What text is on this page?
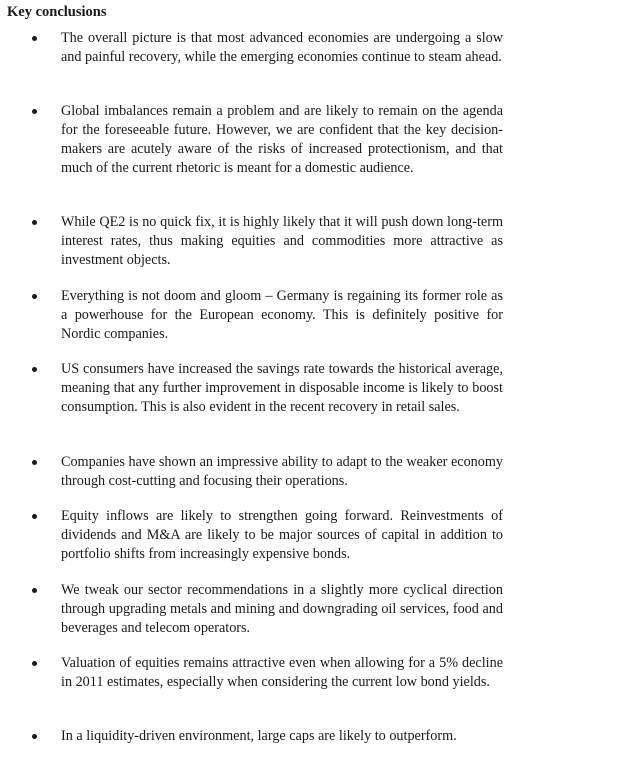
Key conclusions

The overall picture is that most advanced economies are undergoing a slow and painful recovery, while the emerging economies continue to steam ahead.

Global imbalances remain a problem and are likely to remain on the agenda for the foreseeable future. However, we are confident that the key decision-makers are acutely aware of the risks of increased protectionism, and that much of the current rhetoric is meant for a domestic audience.

While QE2 is no quick fix, it is highly likely that it will push down long-term interest rates, thus making equities and commodities more attractive as investment objects.

Everything is not doom and gloom – Germany is regaining its former role as a powerhouse for the European economy. This is definitely positive for Nordic companies.

US consumers have increased the savings rate towards the historical average, meaning that any further improvement in disposable income is likely to boost consumption. This is also evident in the recent recovery in retail sales.

Companies have shown an impressive ability to adapt to the weaker economy through cost-cutting and focusing their operations.

Equity inflows are likely to strengthen going forward. Reinvestments of dividends and M&A are likely to be major sources of capital in addition to portfolio shifts from increasingly expensive bonds.

We tweak our sector recommendations in a slightly more cyclical direction through upgrading metals and mining and downgrading oil services, food and beverages and telecom operators.

Valuation of equities remains attractive even when allowing for a 5% decline in 2011 estimates, especially when considering the current low bond yields.

In a liquidity-driven environment, large caps are likely to outperform.
